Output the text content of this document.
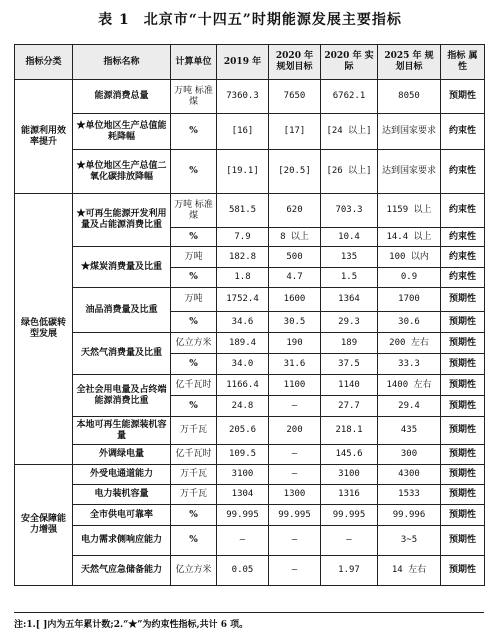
表 1 北京市“十四五”时期能源发展主要指标
指标分类	指标名称	计算单位	2019 年	2020 年 规划目标	2020 年 实际	2025 年 规划目标	指标 属性
能源利用效率提升	能源消费总量	万吨 标准煤	7360.3	7650	6762.1	8050	预期性
	★单位地区生产总值能耗降幅	%	[16]	[17]	[24 以上]	达到国家要求	约束性
	★单位地区生产总值二氧化碳排放降幅	%	[19.1]	[20.5]	[26 以上]	达到国家要求	约束性
绿色低碳转型发展	★可再生能源开发利用量及占能源消费比重	万吨 标准煤	581.5	620	703.3	1159 以上	约束性
		%	7.9	8 以上	10.4	14.4 以上	约束性
	★煤炭消费量及比重	万吨	182.8	500	135	100 以内	约束性
		%	1.8	4.7	1.5	0.9	约束性
	油品消费量及比重	万吨	1752.4	1600	1364	1700	预期性
		%	34.6	30.5	29.3	30.6	预期性
	天然气消费量及比重	亿立方米	189.4	190	189	200 左右	预期性
		%	34.0	31.6	37.5	33.3	预期性
	全社会用电量及占终端能源消费比重	亿千瓦时	1166.4	1100	1140	1400 左右	预期性
		%	24.8	—	27.7	29.4	预期性
	本地可再生能源装机容量	万千瓦	205.6	200	218.1	435	预期性
	外调绿电量	亿千瓦时	109.5	—	145.6	300	预期性
安全保障能力增强	外受电通道能力	万千瓦	3100	—	3100	4300	预期性
	电力装机容量	万千瓦	1304	1300	1316	1533	预期性
	全市供电可靠率	%	99.995	99.995	99.995	99.996	预期性
	电力需求侧响应能力	%	—	—	—	3~5	预期性
	天然气应急储备能力	亿立方米	0.05	—	1.97	14 左右	预期性
注:1.[ ]内为五年累计数;2.“★”为约束性指标,共计 6 项。
